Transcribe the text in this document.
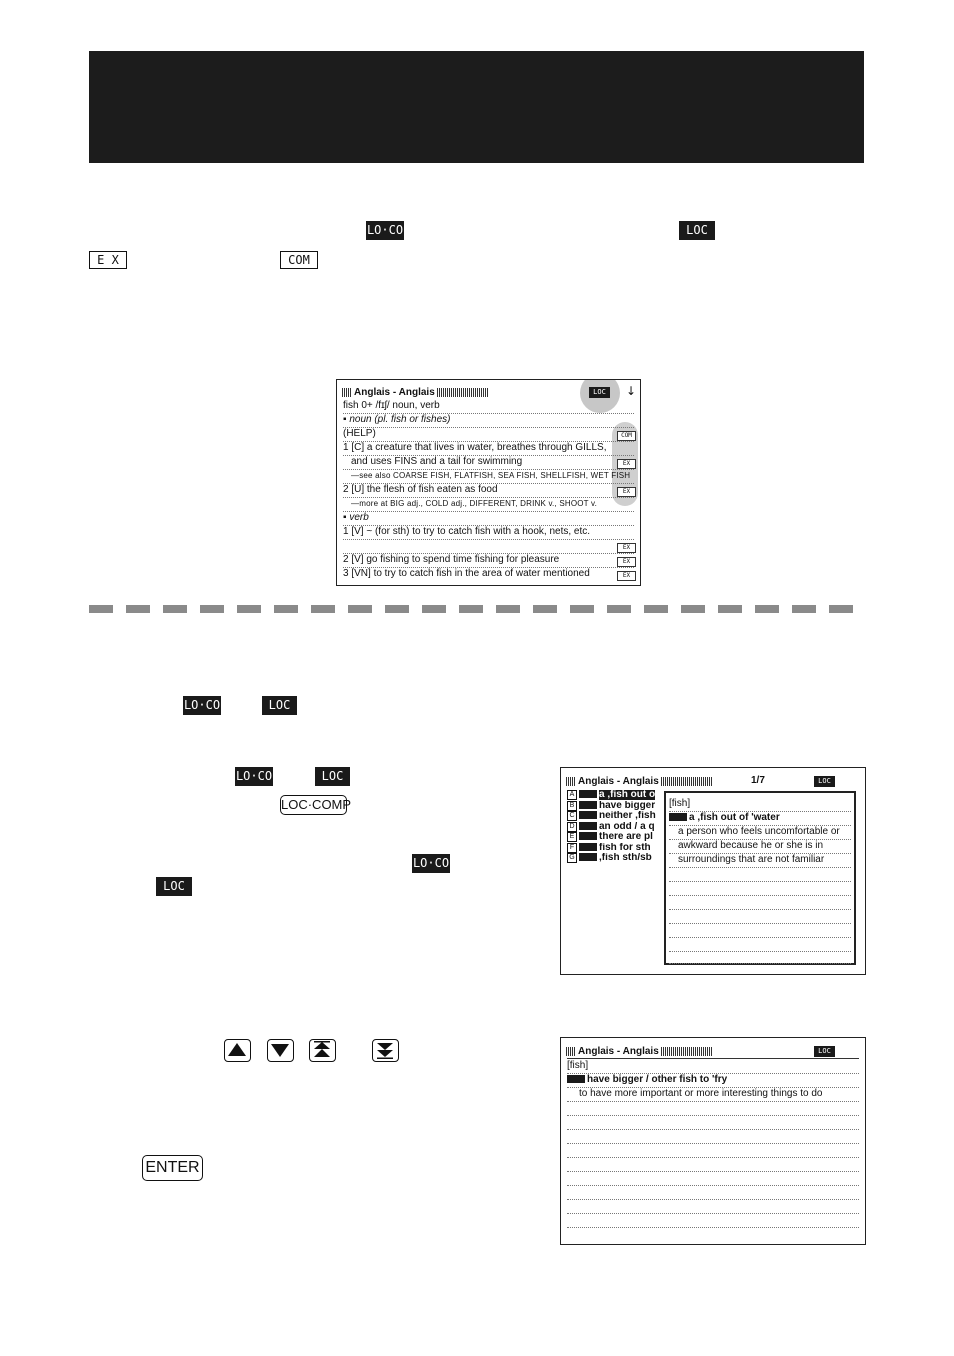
LO·CO	LOC
E X	COM
Anglais - Anglais	LOC	↓
fish 0+ /fɪʃ/ noun, verb
▪ noun (pl. fish or fishes)
(HELP)	COM
1 [C] a creature that lives in water, breathes through GILLS,
and uses FINS and a tail for swimming	EX
—see also COARSE FISH, FLATFISH, SEA FISH, SHELLFISH, WET FISH
2 [U] the flesh of fish eaten as food	EX
—more at BIG adj., COLD adj., DIFFERENT, DRINK v., SHOOT v.
▪ verb
1 [V] ~ (for sth) to try to catch fish with a hook, nets, etc.
EX
2 [V] go fishing to spend time fishing for pleasure	EX
3 [VN] to try to catch fish in the area of water mentioned	EX
LO·CO	LOC
LO·CO	LOC
LOC·COMP
LO·CO
LOC
Anglais - Anglais	1/7	LOC
A a ,fish out o
B have bigger
C neither ,fish
D an odd / a q
E there are pl
F fish for sth
G ,fish sth/sb
[fish]
a ,fish out of 'water
a person who feels uncomfortable or
awkward because he or she is in
surroundings that are not familiar
ENTER
Anglais - Anglais	LOC
[fish]
have bigger / other fish to 'fry
to have more important or more interesting things to do
